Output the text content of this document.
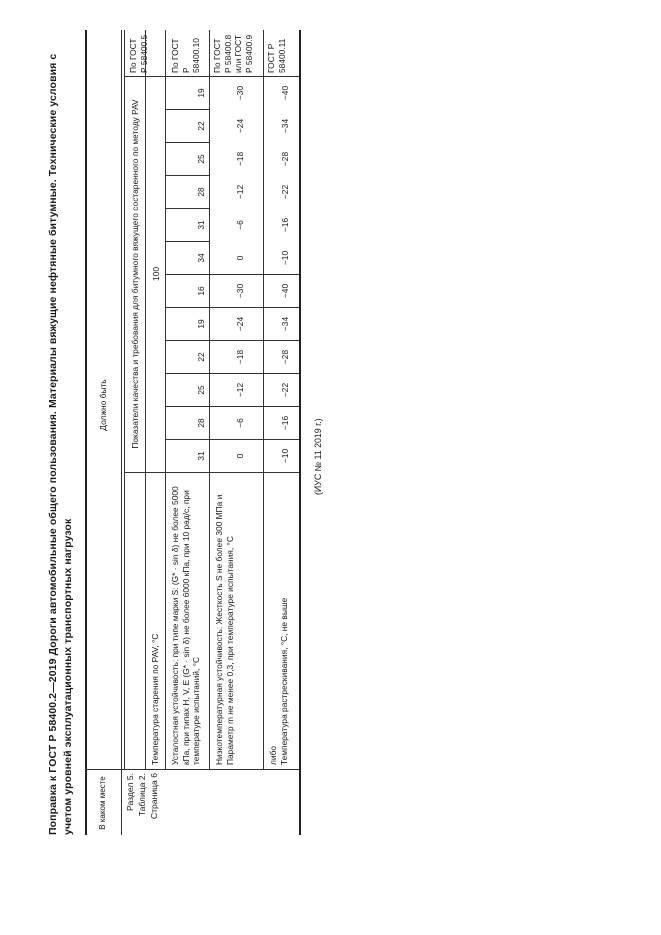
Поправка к ГОСТ Р 58400.2—2019 Дороги автомобильные общего пользования. Материалы вяжущие нефтяные битумные. Технические условия с учетом уровней эксплуатационных транспортных нагрузок	В каком месте
Должно быть
Раздел 5. Таблица 2. Страница 6
Показатели качества и требования для битумного вяжущего состаренного по методу PAV
Температура старения по PAV, °С
100
По ГОСТ Р 58400.5
Усталостная устойчивость: при типе марки S: (G* · sin δ) не более 5000 кПа, при типах H, V, E (G* · sin δ) не более 6000 кПа, при 10 рад/с, при температуре испытаний, °С
По ГОСТ Р 58400.10
31
28
25
22
19
16
34
31
28
25
22
19
Низкотемпературная устойчивость: Жесткость S не более 300 МПа и Параметр m не менее 0,3, при температуре испытания, °С
По ГОСТ Р 58400.8 или ГОСТ Р 58400.9
0
−6
−12
−18
−24
−30
0
−6
−12
−18
−24
−30
либо Температура растрескивания, °С, не выше
ГОСТ Р 58400.11
−10
−16
−22
−28
−34
−40
−10
−16
−22
−28
−34
−40
(ИУС № 11 2019 г.)
